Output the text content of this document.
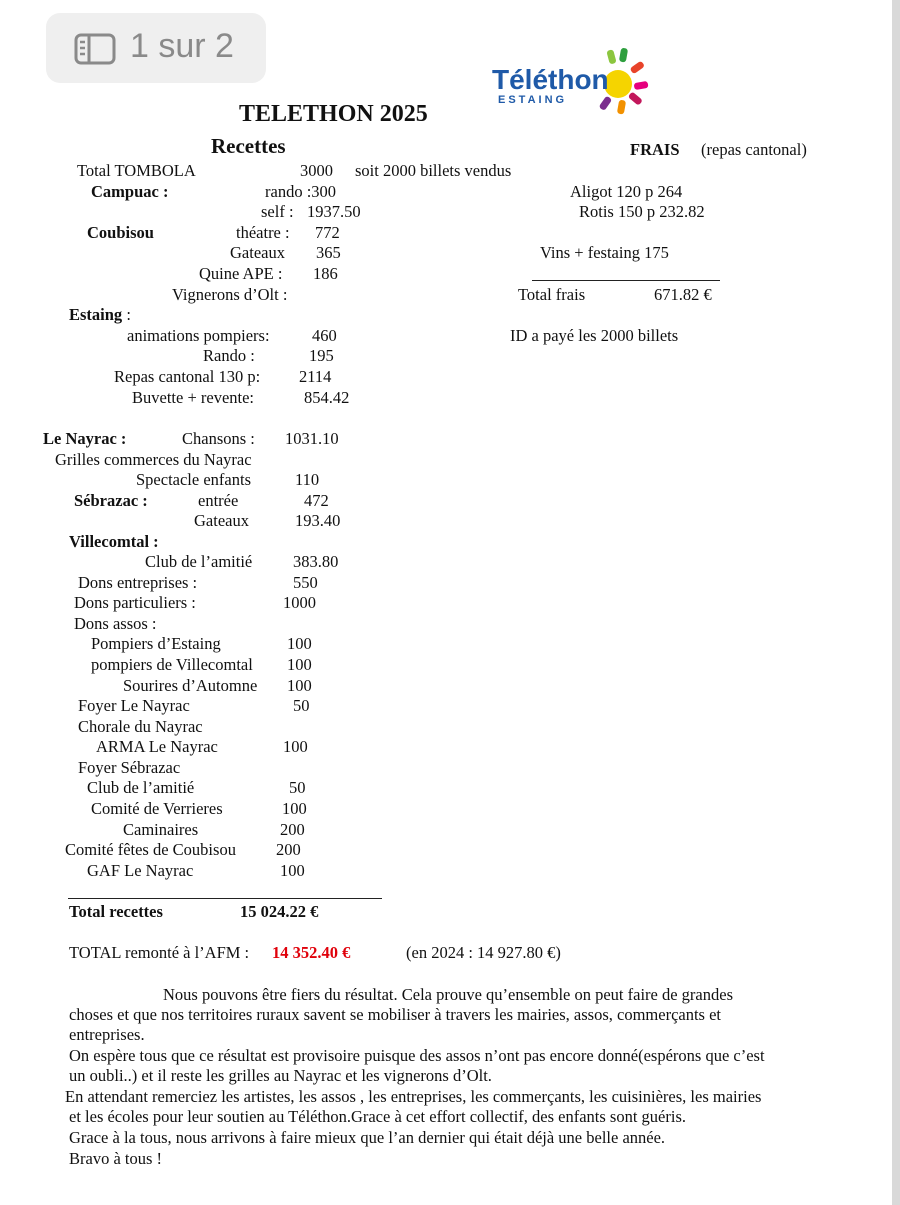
1 sur 2
Téléthon
ESTAING
TELETHON 2025
Recettes	FRAIS (repas cantonal)
Total TOMBOLA	3000 soit 2000 billets vendus
Campuac :	rando :300
self : 1937.50
Aligot 120 p 264
Rotis 150 p 232.82
Vins + festaing 175
Total frais	671.82 €
ID a payé les 2000 billets
Coubisou	théatre : 772
Gateaux 365
Quine APE : 186
Vignerons d’Olt :
Estaing :
animations pompiers:	460
Rando :	195
Repas cantonal 130 p: 2114
Buvette + revente:	854.42
Le Nayrac :	Chansons : 1031.10
Grilles commerces du Nayrac
Spectacle enfants	110
Sébrazac :	entrée	472
Gateaux	193.40
Villecomtal :
Club de l’amitié 383.80
Dons entreprises :	550
Dons particuliers :	1000
Dons assos :
Pompiers d’Estaing	100
pompiers de Villecomtal 100
Sourires d’Automne 100
Foyer Le Nayrac	50
Chorale du Nayrac
ARMA Le Nayrac	100
Foyer Sébrazac
Club de l’amitié	50
Comité de Verrieres	100
Caminaires	200
Comité fêtes de Coubisou 200
GAF Le Nayrac	100
Total recettes	15 024.22 €
TOTAL remonté à l’AFM : 14 352.40 €	(en 2024 : 14 927.80 €)
Nous pouvons être fiers du résultat. Cela prouve qu’ensemble on peut faire de grandes
choses et que nos territoires ruraux savent se mobiliser à travers les mairies, assos, commerçants et
entreprises.
On espère tous que ce résultat est provisoire puisque des assos n’ont pas encore donné(espérons que c’est
un oubli..) et il reste les grilles au Nayrac et les vignerons d’Olt.
En attendant remerciez les artistes, les assos , les entreprises, les commerçants, les cuisinières, les mairies
et les écoles pour leur soutien au Téléthon.Grace à cet effort collectif, des enfants sont guéris.
Grace à la tous, nous arrivons à faire mieux que l’an dernier qui était déjà une belle année.
Bravo à tous !
